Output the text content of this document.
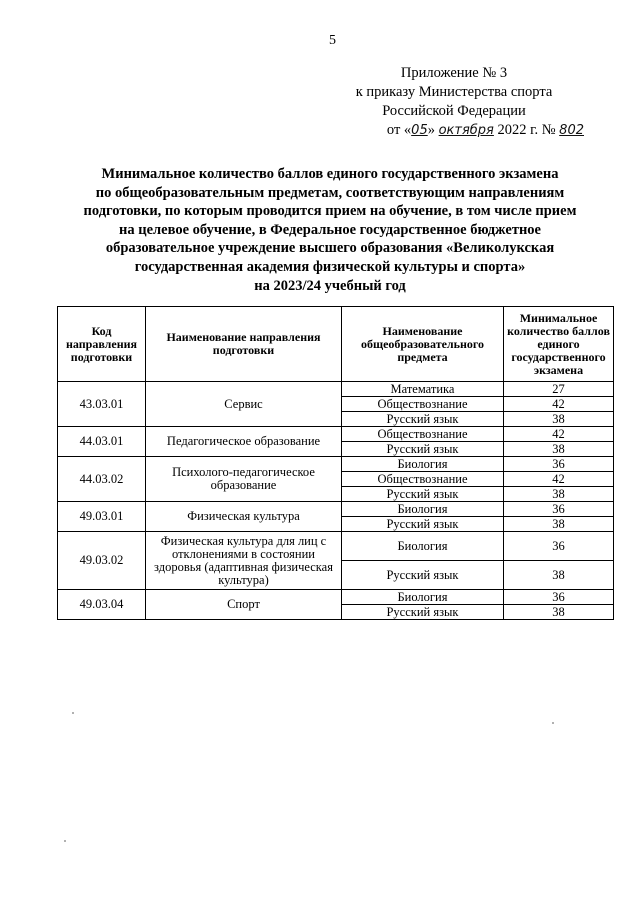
5
Приложение № 3
к приказу Министерства спорта
Российской Федерации
от «05» октября 2022 г. № 802
Минимальное количество баллов единого государственного экзамена
по общеобразовательным предметам, соответствующим направлениям
подготовки, по которым проводится прием на обучение, в том числе прием
на целевое обучение, в Федеральное государственное бюджетное
образовательное учреждение высшего образования «Великолукская
государственная академия физической культуры и спорта»
на 2023/24 учебный год
Код направления подготовки	Наименование направления подготовки	Наименование общеобразовательного предмета	Минимальное количество баллов единого государственного экзамена
43.03.01	Сервис	Математика	27
		Обществознание	42
		Русский язык	38
44.03.01	Педагогическое образование	Обществознание	42
		Русский язык	38
44.03.02	Психолого-педагогическое образование	Биология	36
		Обществознание	42
		Русский язык	38
49.03.01	Физическая культура	Биология	36
		Русский язык	38
49.03.02	Физическая культура для лиц с отклонениями в состоянии здоровья (адаптивная физическая культура)	Биология	36
		Русский язык	38
49.03.04	Спорт	Биология	36
		Русский язык	38
